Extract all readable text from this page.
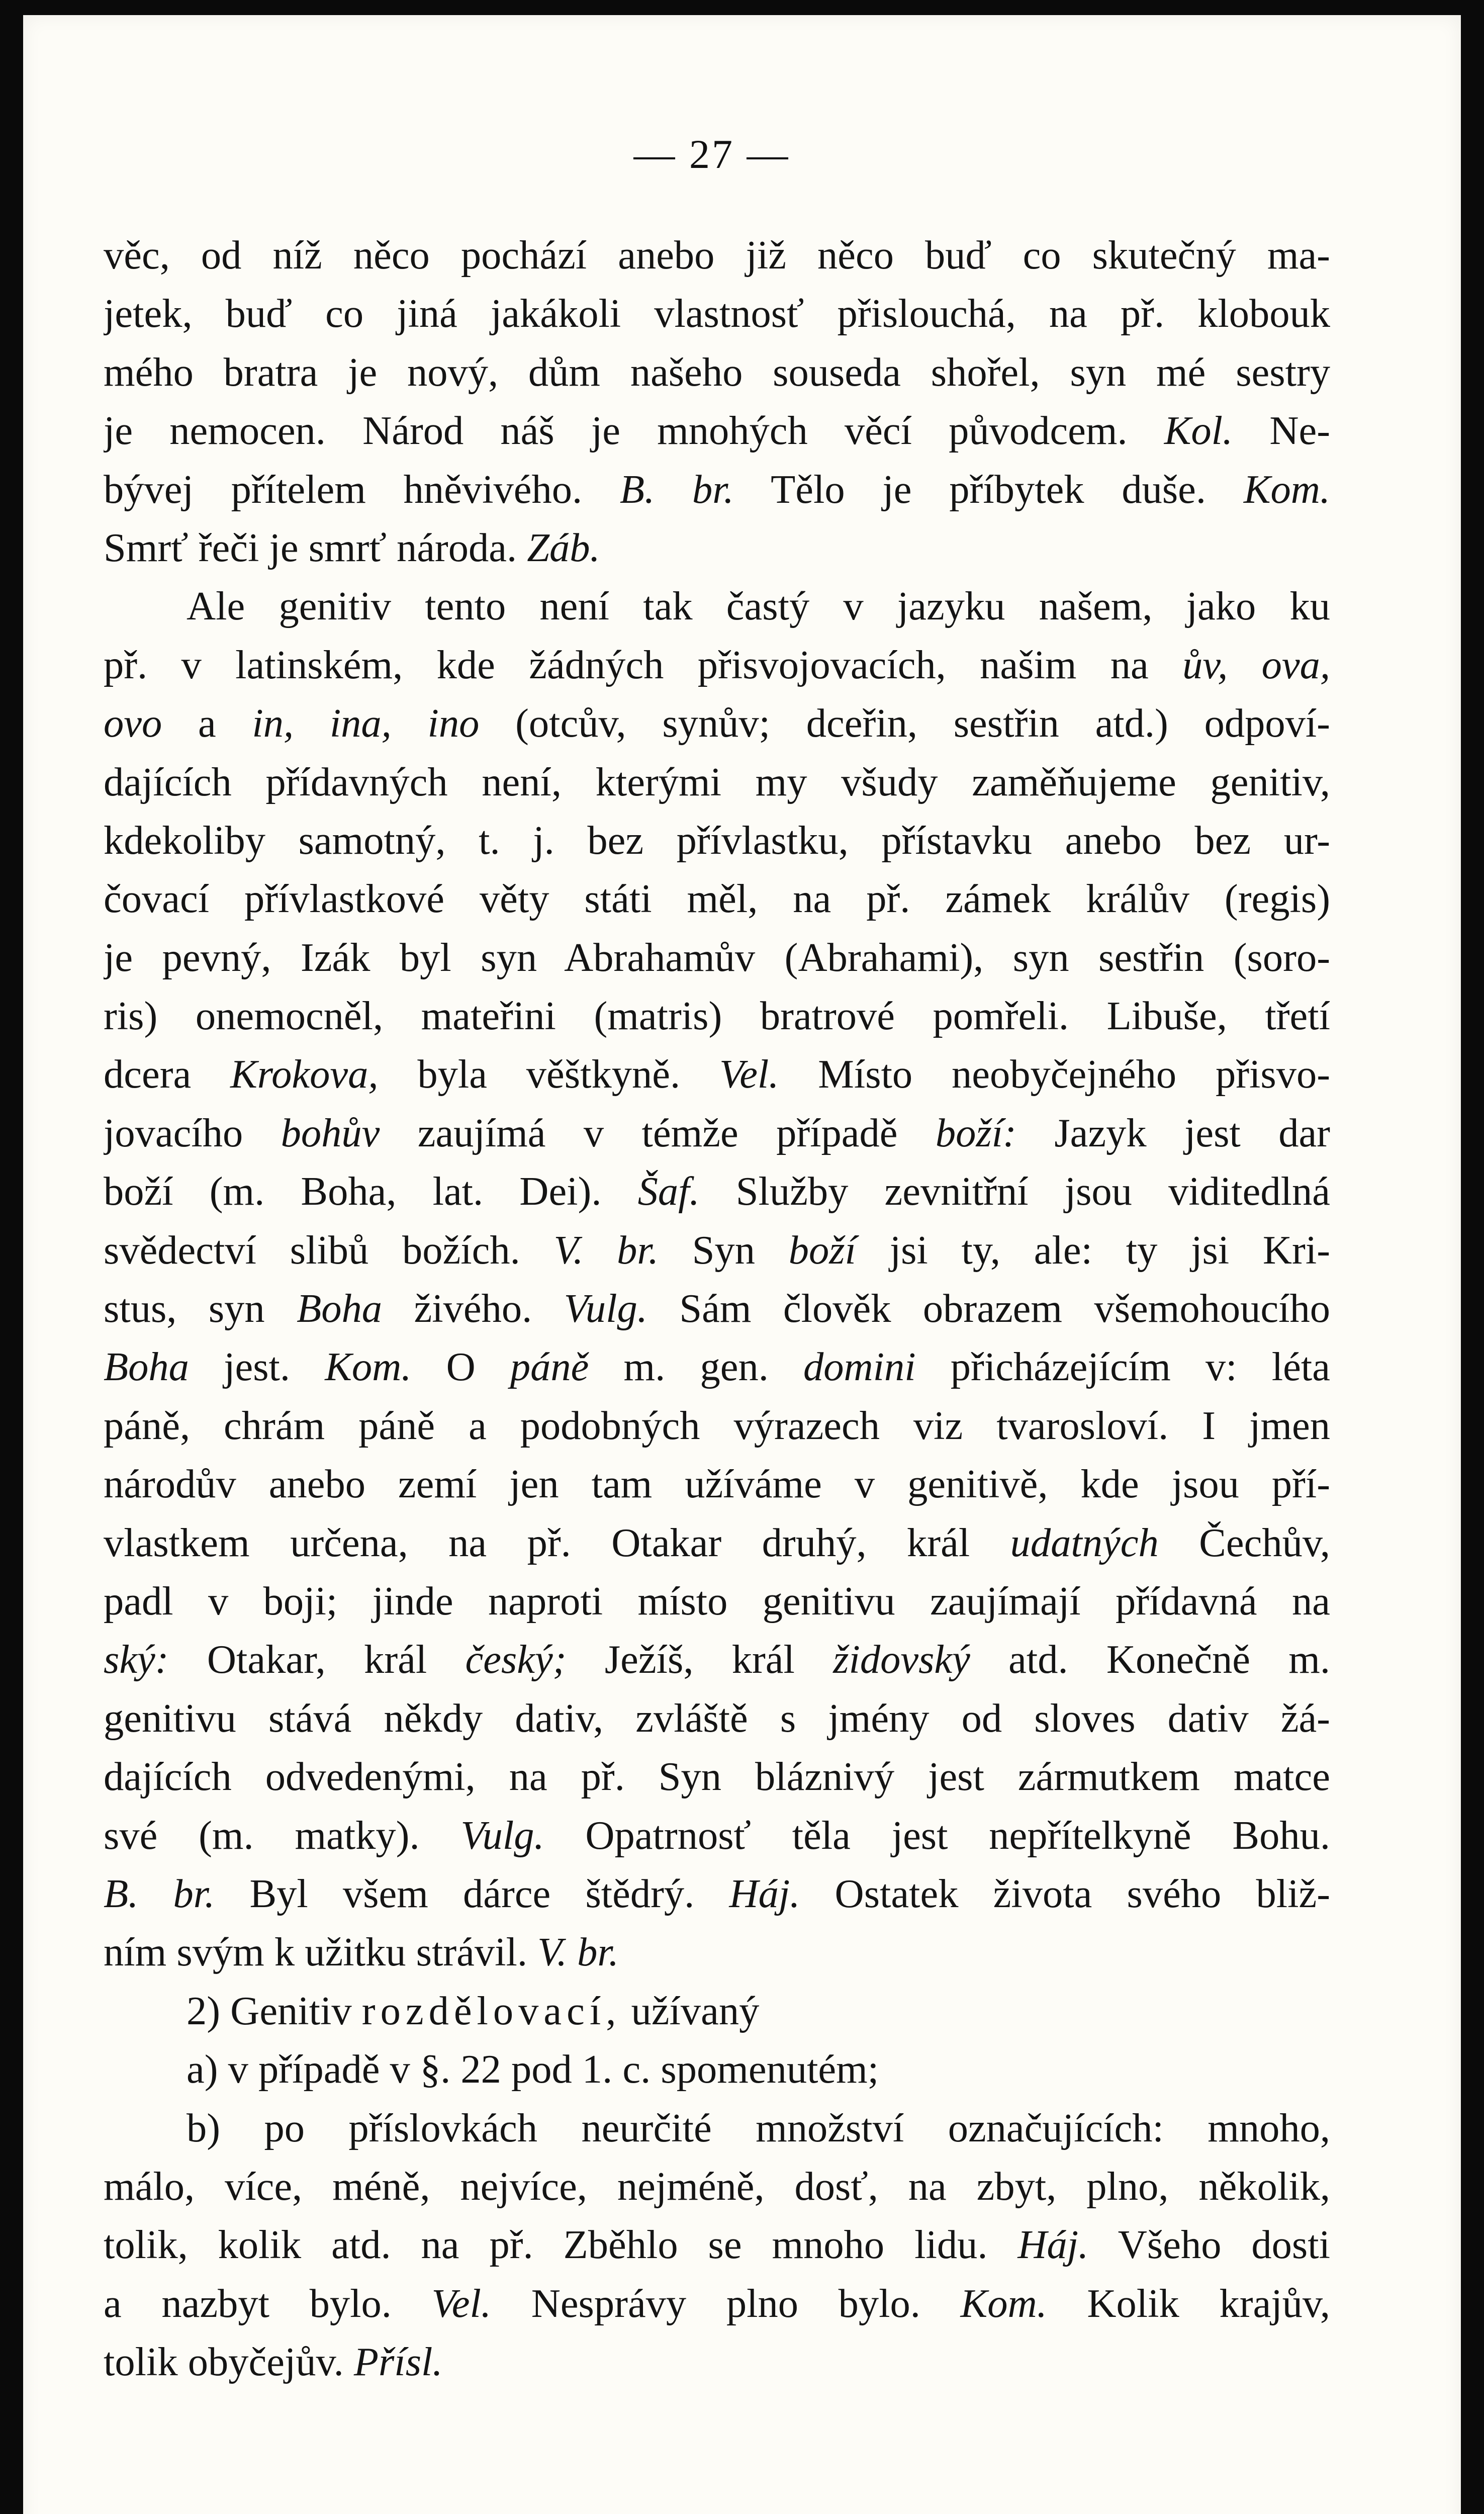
— 27 —
věc, od níž něco pochází anebo již něco buď co skutečný ma-
jetek, buď co jiná jakákoli vlastnosť přislouchá, na př. klobouk
mého bratra je nový, dům našeho souseda shořel, syn mé sestry
je nemocen. Národ náš je mnohých věcí původcem. Kol. Ne-
bývej přítelem hněvivého. B. br. Tělo je příbytek duše. Kom.
Smrť řeči je smrť národa. Záb.
Ale genitiv tento není tak častý v jazyku našem, jako ku
př. v latinském, kde žádných přisvojovacích, našim na ův, ova,
ovo a in, ina, ino (otcův, synův; dceřin, sestřin atd.) odpoví-
dajících přídavných není, kterými my všudy zaměňujeme genitiv,
kdekoliby samotný, t. j. bez přívlastku, přístavku anebo bez ur-
čovací přívlastkové věty státi měl, na př. zámek králův (regis)
je pevný, Izák byl syn Abrahamův (Abrahami), syn sestřin (soro-
ris) onemocněl, mateřini (matris) bratrové pomřeli. Libuše, třetí
dcera Krokova, byla věštkyně. Vel. Místo neobyčejného přisvo-
jovacího bohův zaujímá v témže případě boží: Jazyk jest dar
boží (m. Boha, lat. Dei). Šaf. Služby zevnitřní jsou viditedlná
svědectví slibů božích. V. br. Syn boží jsi ty, ale: ty jsi Kri-
stus, syn Boha živého. Vulg. Sám člověk obrazem všemohoucího
Boha jest. Kom. O páně m. gen. domini přicházejícím v: léta
páně, chrám páně a podobných výrazech viz tvarosloví. I jmen
národův anebo zemí jen tam užíváme v genitivě, kde jsou pří-
vlastkem určena, na př. Otakar druhý, král udatných Čechův,
padl v boji; jinde naproti místo genitivu zaujímají přídavná na
ský: Otakar, král český; Ježíš, král židovský atd. Konečně m.
genitivu stává někdy dativ, zvláště s jmény od sloves dativ žá-
dajících odvedenými, na př. Syn bláznivý jest zármutkem matce
své (m. matky). Vulg. Opatrnosť těla jest nepřítelkyně Bohu.
B. br. Byl všem dárce štědrý. Háj. Ostatek života svého bliž-
ním svým k užitku strávil. V. br.
2) Genitiv rozdělovací, užívaný
a) v případě v §. 22 pod 1. c. spomenutém;
b) po příslovkách neurčité množství označujících: mnoho,
málo, více, méně, nejvíce, nejméně, dosť, na zbyt, plno, několik,
tolik, kolik atd. na př. Zběhlo se mnoho lidu. Háj. Všeho dosti
a nazbyt bylo. Vel. Nesprávy plno bylo. Kom. Kolik krajův,
tolik obyčejův. Přísl.
